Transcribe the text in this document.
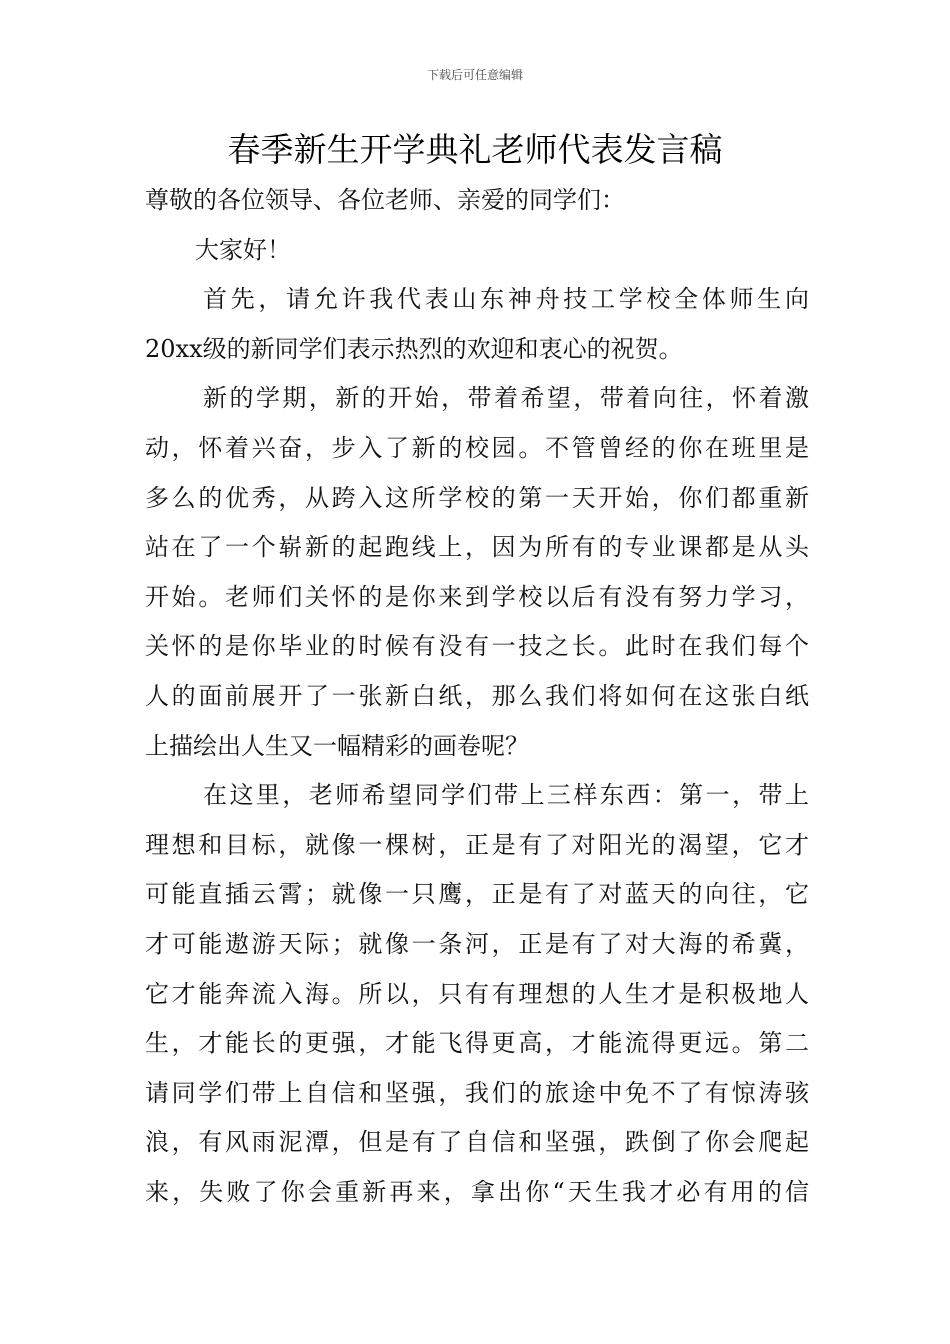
下载后可任意编辑
春季新生开学典礼老师代表发言稿
尊敬的各位领导、各位老师、亲爱的同学们：
大家好！
首先，请允许我代表山东神舟技工学校全体师生向
20xx级的新同学们表示热烈的欢迎和衷心的祝贺。
新的学期，新的开始，带着希望，带着向往，怀着激
动，怀着兴奋，步入了新的校园。不管曾经的你在班里是
多么的优秀，从跨入这所学校的第一天开始，你们都重新
站在了一个崭新的起跑线上，因为所有的专业课都是从头
开始。老师们关怀的是你来到学校以后有没有努力学习，
关怀的是你毕业的时候有没有一技之长。此时在我们每个
人的面前展开了一张新白纸，那么我们将如何在这张白纸
上描绘出人生又一幅精彩的画卷呢？
在这里，老师希望同学们带上三样东西：第一，带上
理想和目标，就像一棵树，正是有了对阳光的渴望，它才
可能直插云霄；就像一只鹰，正是有了对蓝天的向往，它
才可能遨游天际；就像一条河，正是有了对大海的希冀，
它才能奔流入海。所以，只有有理想的人生才是积极地人
生，才能长的更强，才能飞得更高，才能流得更远。第二
请同学们带上自信和坚强，我们的旅途中免不了有惊涛骇
浪，有风雨泥潭，但是有了自信和坚强，跌倒了你会爬起
来，失败了你会重新再来，拿出你“天生我才必有用的信
